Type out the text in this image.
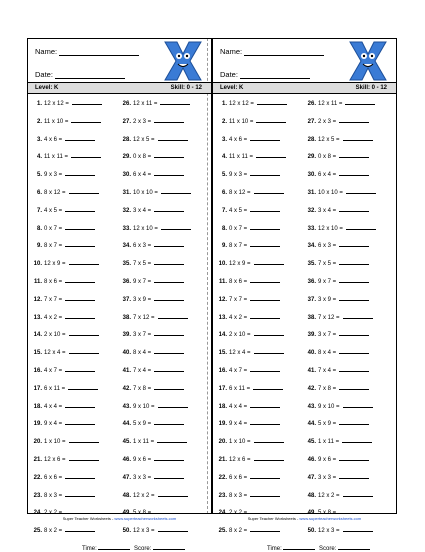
Name:
Date:
Level: K	Skill: 0 - 12
1. 12 x 12 =
2. 11 x 10 =
3. 4 x 6 =
4. 11 x 11 =
5. 9 x 3 =
6. 8 x 12 =
7. 4 x 5 =
8. 0 x 7 =
9. 8 x 7 =
10. 12 x 9 =
11. 8 x 6 =
12. 7 x 7 =
13. 4 x 2 =
14. 2 x 10 =
15. 12 x 4 =
16. 4 x 7 =
17. 6 x 11 =
18. 4 x 4 =
19. 9 x 4 =
20. 1 x 10 =
21. 12 x 6 =
22. 6 x 6 =
23. 8 x 3 =
24. 2 x 2 =
25. 8 x 2 =
26. 12 x 11 =
27. 2 x 3 =
28. 12 x 5 =
29. 0 x 8 =
30. 6 x 4 =
31. 10 x 10 =
32. 3 x 4 =
33. 12 x 10 =
34. 6 x 3 =
35. 7 x 5 =
36. 9 x 7 =
37. 3 x 9 =
38. 7 x 12 =
39. 3 x 7 =
40. 8 x 4 =
41. 7 x 4 =
42. 7 x 8 =
43. 9 x 10 =
44. 5 x 9 =
45. 1 x 11 =
46. 9 x 6 =
47. 3 x 3 =
48. 12 x 2 =
49. 5 x 8 =
50. 12 x 3 =
Time:	Score:
Name:
Date:
Level: K	Skill: 0 - 12
1. 12 x 12 =
2. 11 x 10 =
3. 4 x 6 =
4. 11 x 11 =
5. 9 x 3 =
6. 8 x 12 =
7. 4 x 5 =
8. 0 x 7 =
9. 8 x 7 =
10. 12 x 9 =
11. 8 x 6 =
12. 7 x 7 =
13. 4 x 2 =
14. 2 x 10 =
15. 12 x 4 =
16. 4 x 7 =
17. 6 x 11 =
18. 4 x 4 =
19. 9 x 4 =
20. 1 x 10 =
21. 12 x 6 =
22. 6 x 6 =
23. 8 x 3 =
24. 2 x 2 =
25. 8 x 2 =
26. 12 x 11 =
27. 2 x 3 =
28. 12 x 5 =
29. 0 x 8 =
30. 6 x 4 =
31. 10 x 10 =
32. 3 x 4 =
33. 12 x 10 =
34. 6 x 3 =
35. 7 x 5 =
36. 9 x 7 =
37. 3 x 9 =
38. 7 x 12 =
39. 3 x 7 =
40. 8 x 4 =
41. 7 x 4 =
42. 7 x 8 =
43. 9 x 10 =
44. 5 x 9 =
45. 1 x 11 =
46. 9 x 6 =
47. 3 x 3 =
48. 12 x 2 =
49. 5 x 8 =
50. 12 x 3 =
Time:	Score:
Super Teacher Worksheets - www.superteacherworksheets.com	Super Teacher Worksheets - www.superteacherworksheets.com
